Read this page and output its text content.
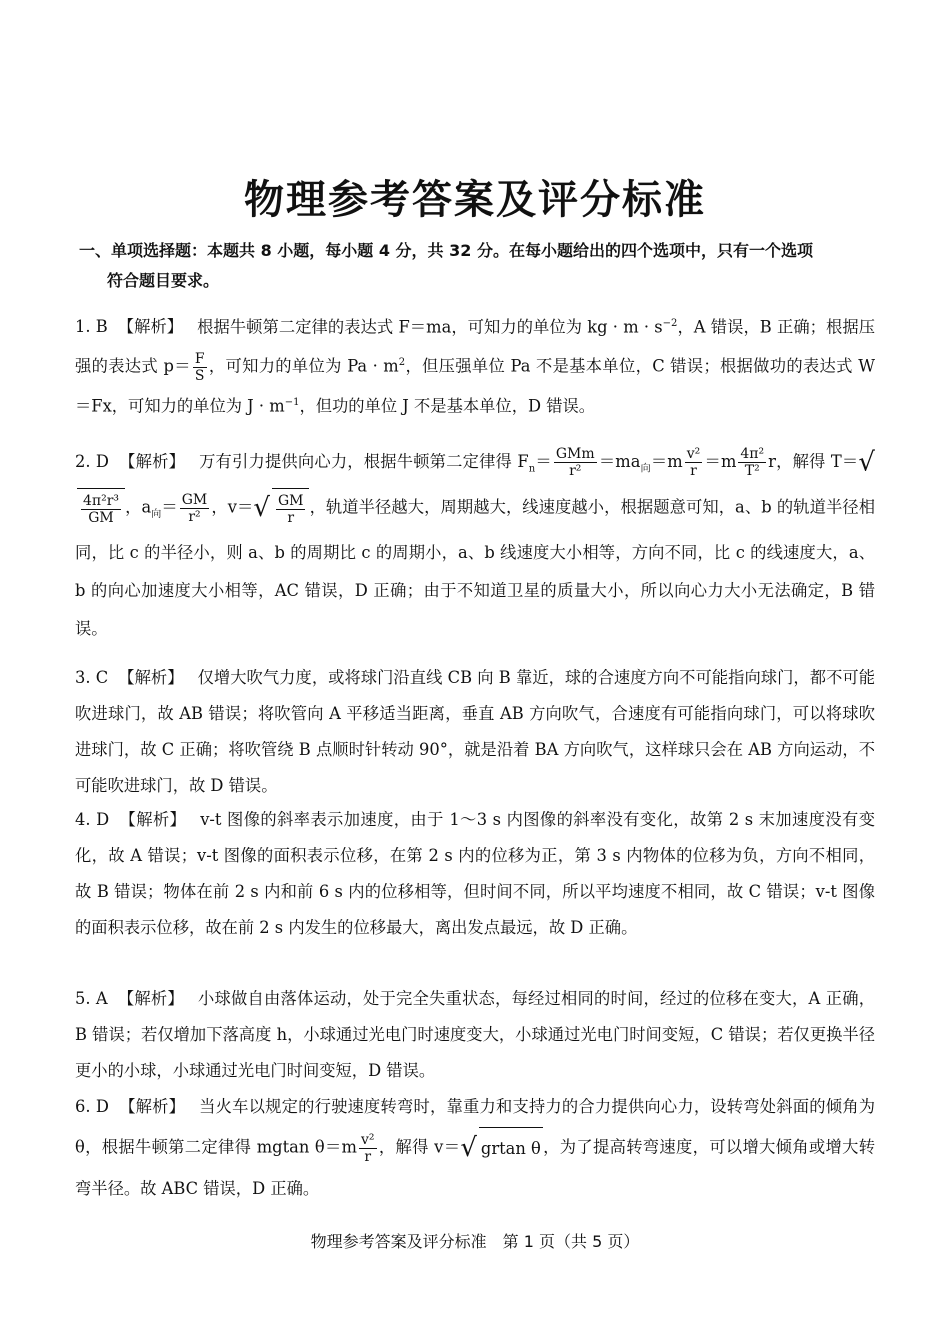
物理参考答案及评分标准

一、单项选择题：本题共 8 小题，每小题 4 分，共 32 分。在每小题给出的四个选项中，只有一个选项
符合题目要求。

1. B 【解析】 根据牛顿第二定律的表达式 F＝ma，可知力的单位为 kg · $m \cdot s^{-2}$，A 错误，B 正确；根据压强的表达式 $p= \frac{F}{S}$ ，可知力的单位为 $Pa \cdot m^2$，但压强单位 Pa 不是基本单位，C 错误；根据做功的表达式 W＝Fx，可知力的单位为 $J \cdot m^{-1}$，但功的单位 J 不是基本单位，D 错误。

2. D 【解析】 万有引力提供向心力，根据牛顿第二定律得 $F_n= \frac{\text{GMm}}{\text{r²}} =ma_向=m \frac{\text{v²}}{r} =m \frac{\text{4π²}}{\text{T²}}$ r，解得 T＝√
$\frac{\text{4π²r³}}{GM}$ ，$a_向= \frac{GM}{\text{r²}}$ ，$v=√ \frac{GM}{r}$ ，轨道半径越大，周期越大，线速度越小，根据题意可知，a、b 的轨道半径相同，比 c 的半径小，则 a、b 的周期比 c 的周期小，a、b 线速度大小相等，方向不同，比 c 的线速度大，a、b 的向心加速度大小相等，AC 错误，D 正确；由于不知道卫星的质量大小，所以向心力大小无法确定，B 错误。

3. C 【解析】 仅增大吹气力度，或将球门沿直线 CB 向 B 靠近，球的合速度方向不可能指向球门，都不可能吹进球门，故 AB 错误；将吹管向 A 平移适当距离，垂直 AB 方向吹气，合速度有可能指向球门，可以将球吹进球门，故 C 正确；将吹管绕 B 点顺时针转动 90°，就是沿着 BA 方向吹气，这样球只会在 AB 方向运动，不可能吹进球门，故 D 错误。

4. D 【解析】 v-t 图像的斜率表示加速度，由于 1～3 s 内图像的斜率没有变化，故第 2 s 末加速度没有变化，故 A 错误；v-t 图像的面积表示位移，在第 2 s 内的位移为正，第 3 s 内物体的位移为负，方向不相同，故 B 错误；物体在前 2 s 内和前 6 s 内的位移相等，但时间不同，所以平均速度不相同，故 C 错误；v-t 图像的面积表示位移，故在前 2 s 内发生的位移最大，离出发点最远，故 D 正确。

5. A 【解析】 小球做自由落体运动，处于完全失重状态，每经过相同的时间，经过的位移在变大，A 正确，B 错误；若仅增加下落高度 h，小球通过光电门时速度变大，小球通过光电门时间变短，C 错误；若仅更换半径更小的小球，小球通过光电门时间变短，D 错误。

6. D 【解析】 当火车以规定的行驶速度转弯时，靠重力和支持力的合力提供向心力，设转弯处斜面的倾角为 θ，根据牛顿第二定律得 mgtan $\theta=m \frac{\text{v²}}{r}$ ，解得 v＝√ grtan θ ，为了提高转弯速度，可以增大倾角或增大转弯半径。故 ABC 错误，D 正确。

物理参考答案及评分标准　第 1 页（共 5 页）
